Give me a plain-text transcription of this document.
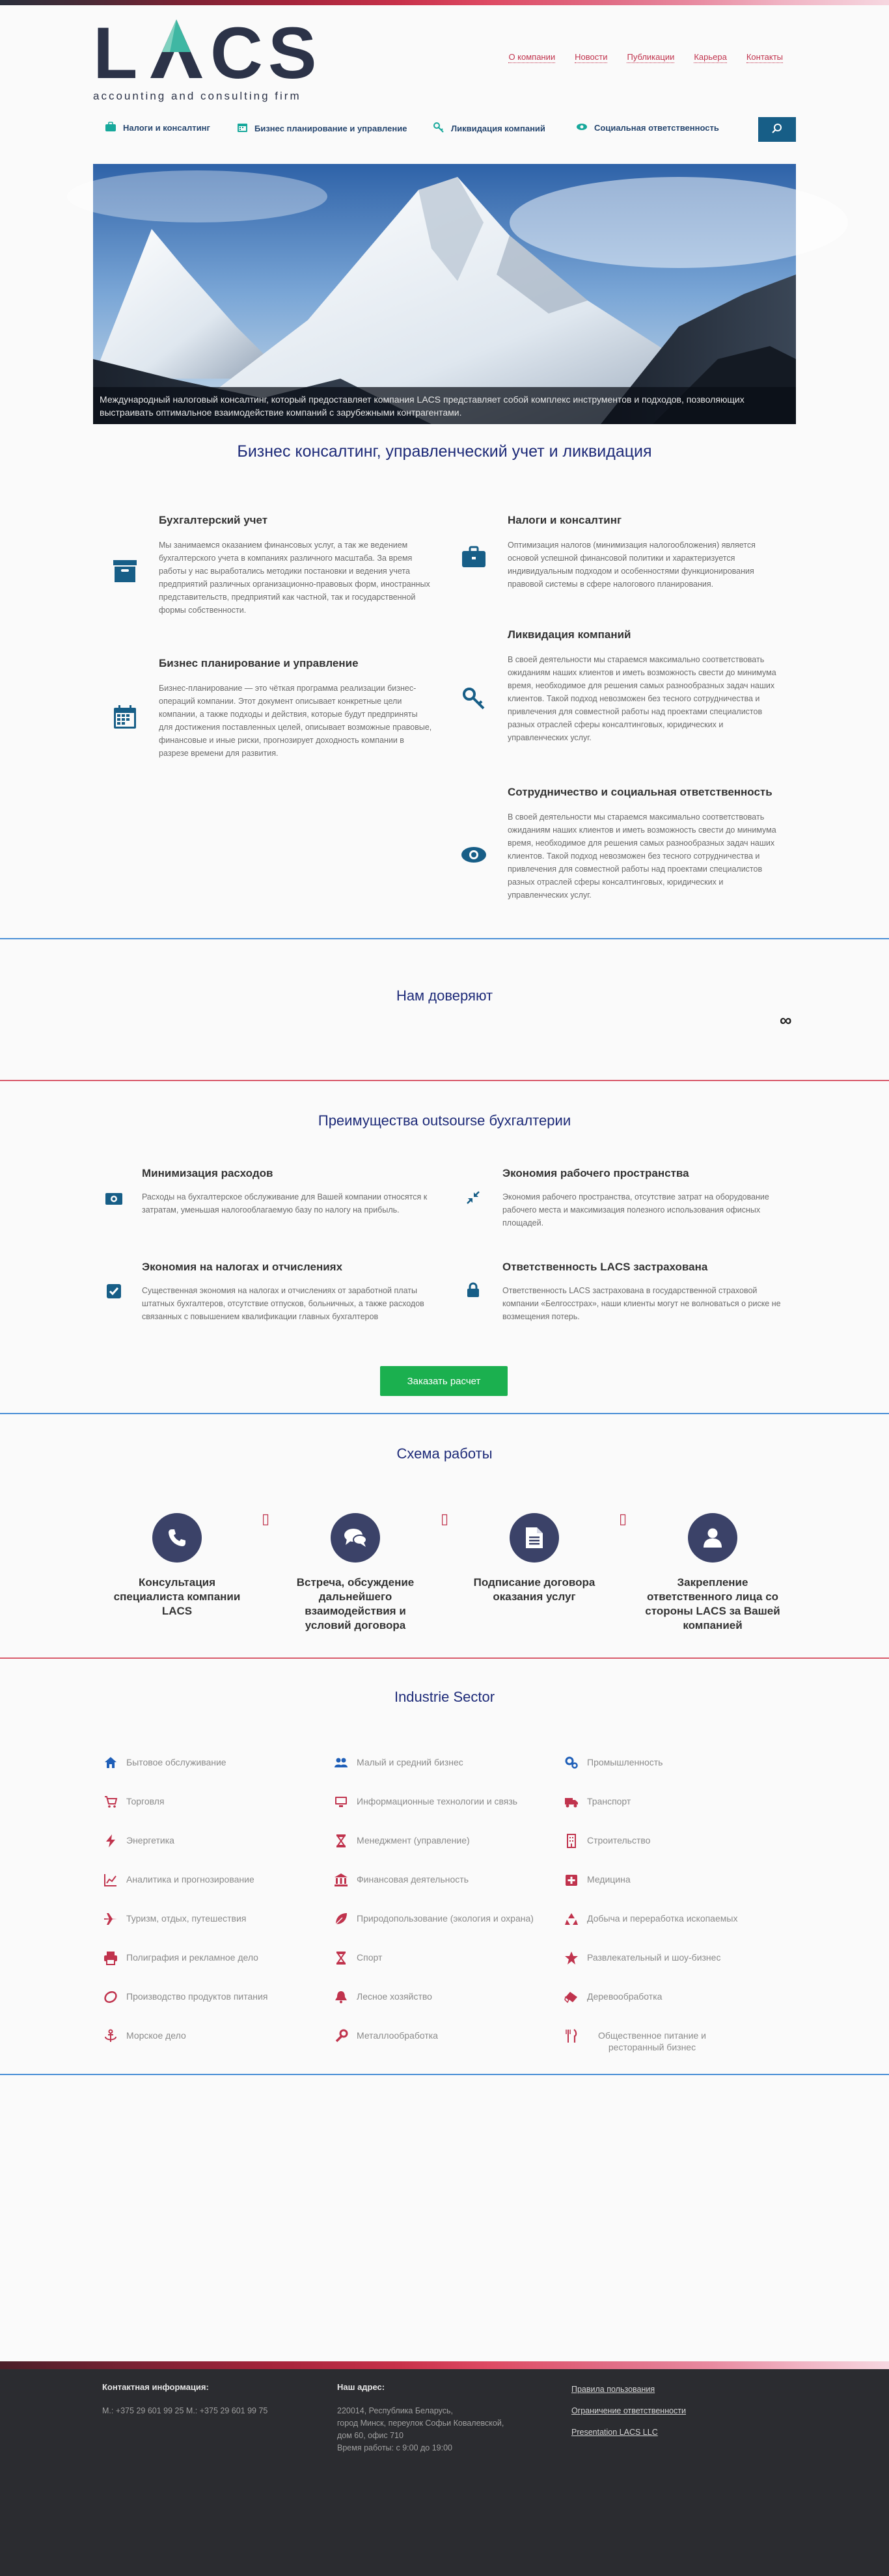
L CS
accounting and consulting firm
О компании Новости Публикации Карьера Контакты
Налоги и консалтинг	Бизнес планирование и управление	Ликвидация компаний	Социальная ответственность
Международный налоговый консалтинг, который предоставляет компания LACS представляет собой комплекс инструментов и подходов, позволяющих выстраивать оптимальное взаимодействие компаний с зарубежными контрагентами.
Бизнес консалтинг, управленческий учет и ликвидация
Бухгалтерский учет

Мы занимаемся оказанием финансовых услуг, а так же ведением бухгалтерского учета в компаниях различного масштаба. За время работы у нас выработались методики постановки и ведения учета предприятий различных организационно-правовых форм, иностранных представительств, предприятий как частной, так и государственной формы собственности.

Налоги и консалтинг

Оптимизация налогов (минимизация налогообложения) является основой успешной финансовой политики и характеризуется индивидуальным подходом и особенностями функционирования правовой системы в сфере налогового планирования.

Бизнес планирование и управление

Бизнес-планирование — это чёткая программа реализации бизнес-операций компании. Этот документ описывает конкретные цели компании, а также подходы и действия, которые будут предприняты для достижения поставленных целей, описывает возможные правовые, финансовые и иные риски, прогнозирует доходность компании в разрезе времени для развития.

Ликвидация компаний

В своей деятельности мы стараемся максимально соответствовать ожиданиям наших клиентов и иметь возможность свести до минимума время, необходимое для решения самых разнообразных задач наших клиентов. Такой подход невозможен без тесного сотрудничества и привлечения для совместной работы над проектами специалистов разных отраслей сферы консалтинговых, юридических и управленческих услуг.

Сотрудничество и социальная ответственность

В своей деятельности мы стараемся максимально соответствовать ожиданиям наших клиентов и иметь возможность свести до минимума время, необходимое для решения самых разнообразных задач наших клиентов. Такой подход невозможен без тесного сотрудничества и привлечения для совместной работы над проектами специалистов разных отраслей сферы консалтинговых, юридических и управленческих услуг.

Нам доверяют
∞
Преимущества outsourse бухгалтерии
Минимизация расходов

Расходы на бухгалтерское обслуживание для Вашей компании относятся к затратам, уменьшая налогооблагаемую базу по налогу на прибыль.

Экономия рабочего пространства

Экономия рабочего пространства, отсутствие затрат на оборудование рабочего места и максимизация полезного использования офисных площадей.

Экономия на налогах и отчислениях

Существенная экономия на налогах и отчислениях от заработной платы штатных бухгалтеров, отсутствие отпусков, больничных, а также расходов связанных с повышением квалификации главных бухгалтеров

Ответственность LACS застрахована

Ответственность LACS застрахована в государственной страховой компании «Белгосстрах», наши клиенты могут не волноваться о риске не возмещения потерь.

Заказать расчет
Схема работы
Консультация специалиста компании LACS
▯
Встреча, обсуждение дальнейшего взаимодействия и условий договора
▯
Подписание договора оказания услуг
▯
Закрепление ответственного лица со стороны LACS за Вашей компанией
Industrie Sector
Бытовое обслуживание	Малый и средний бизнес	Промышленность
Торговля	Информационные технологии и связь	Транспорт
Энергетика	Менеджмент (управление)	Строительство
Аналитика и прогнозирование	Финансовая деятельность	Медицина
Туризм, отдых, путешествия	Природопользование (экология и охрана)	Добыча и переработка ископаемых
Полиграфия и рекламное дело	Спорт	Развлекательный и шоу-бизнес
Производство продуктов питания	Лесное хозяйство	Деревообработка
Морское дело	Металлообработка	Общественное питание и ресторанный бизнес
Контактная информация:
М.: +375 29 601 99 25 М.: +375 29 601 99 75
Наш адрес:
220014, Республика Беларусь,
город Минск, переулок Софьи Ковалевской,
дом 60, офис 710
Время работы: с 9:00 до 19:00
Правила пользования
Ограничение ответственности
Presentation LACS LLC
